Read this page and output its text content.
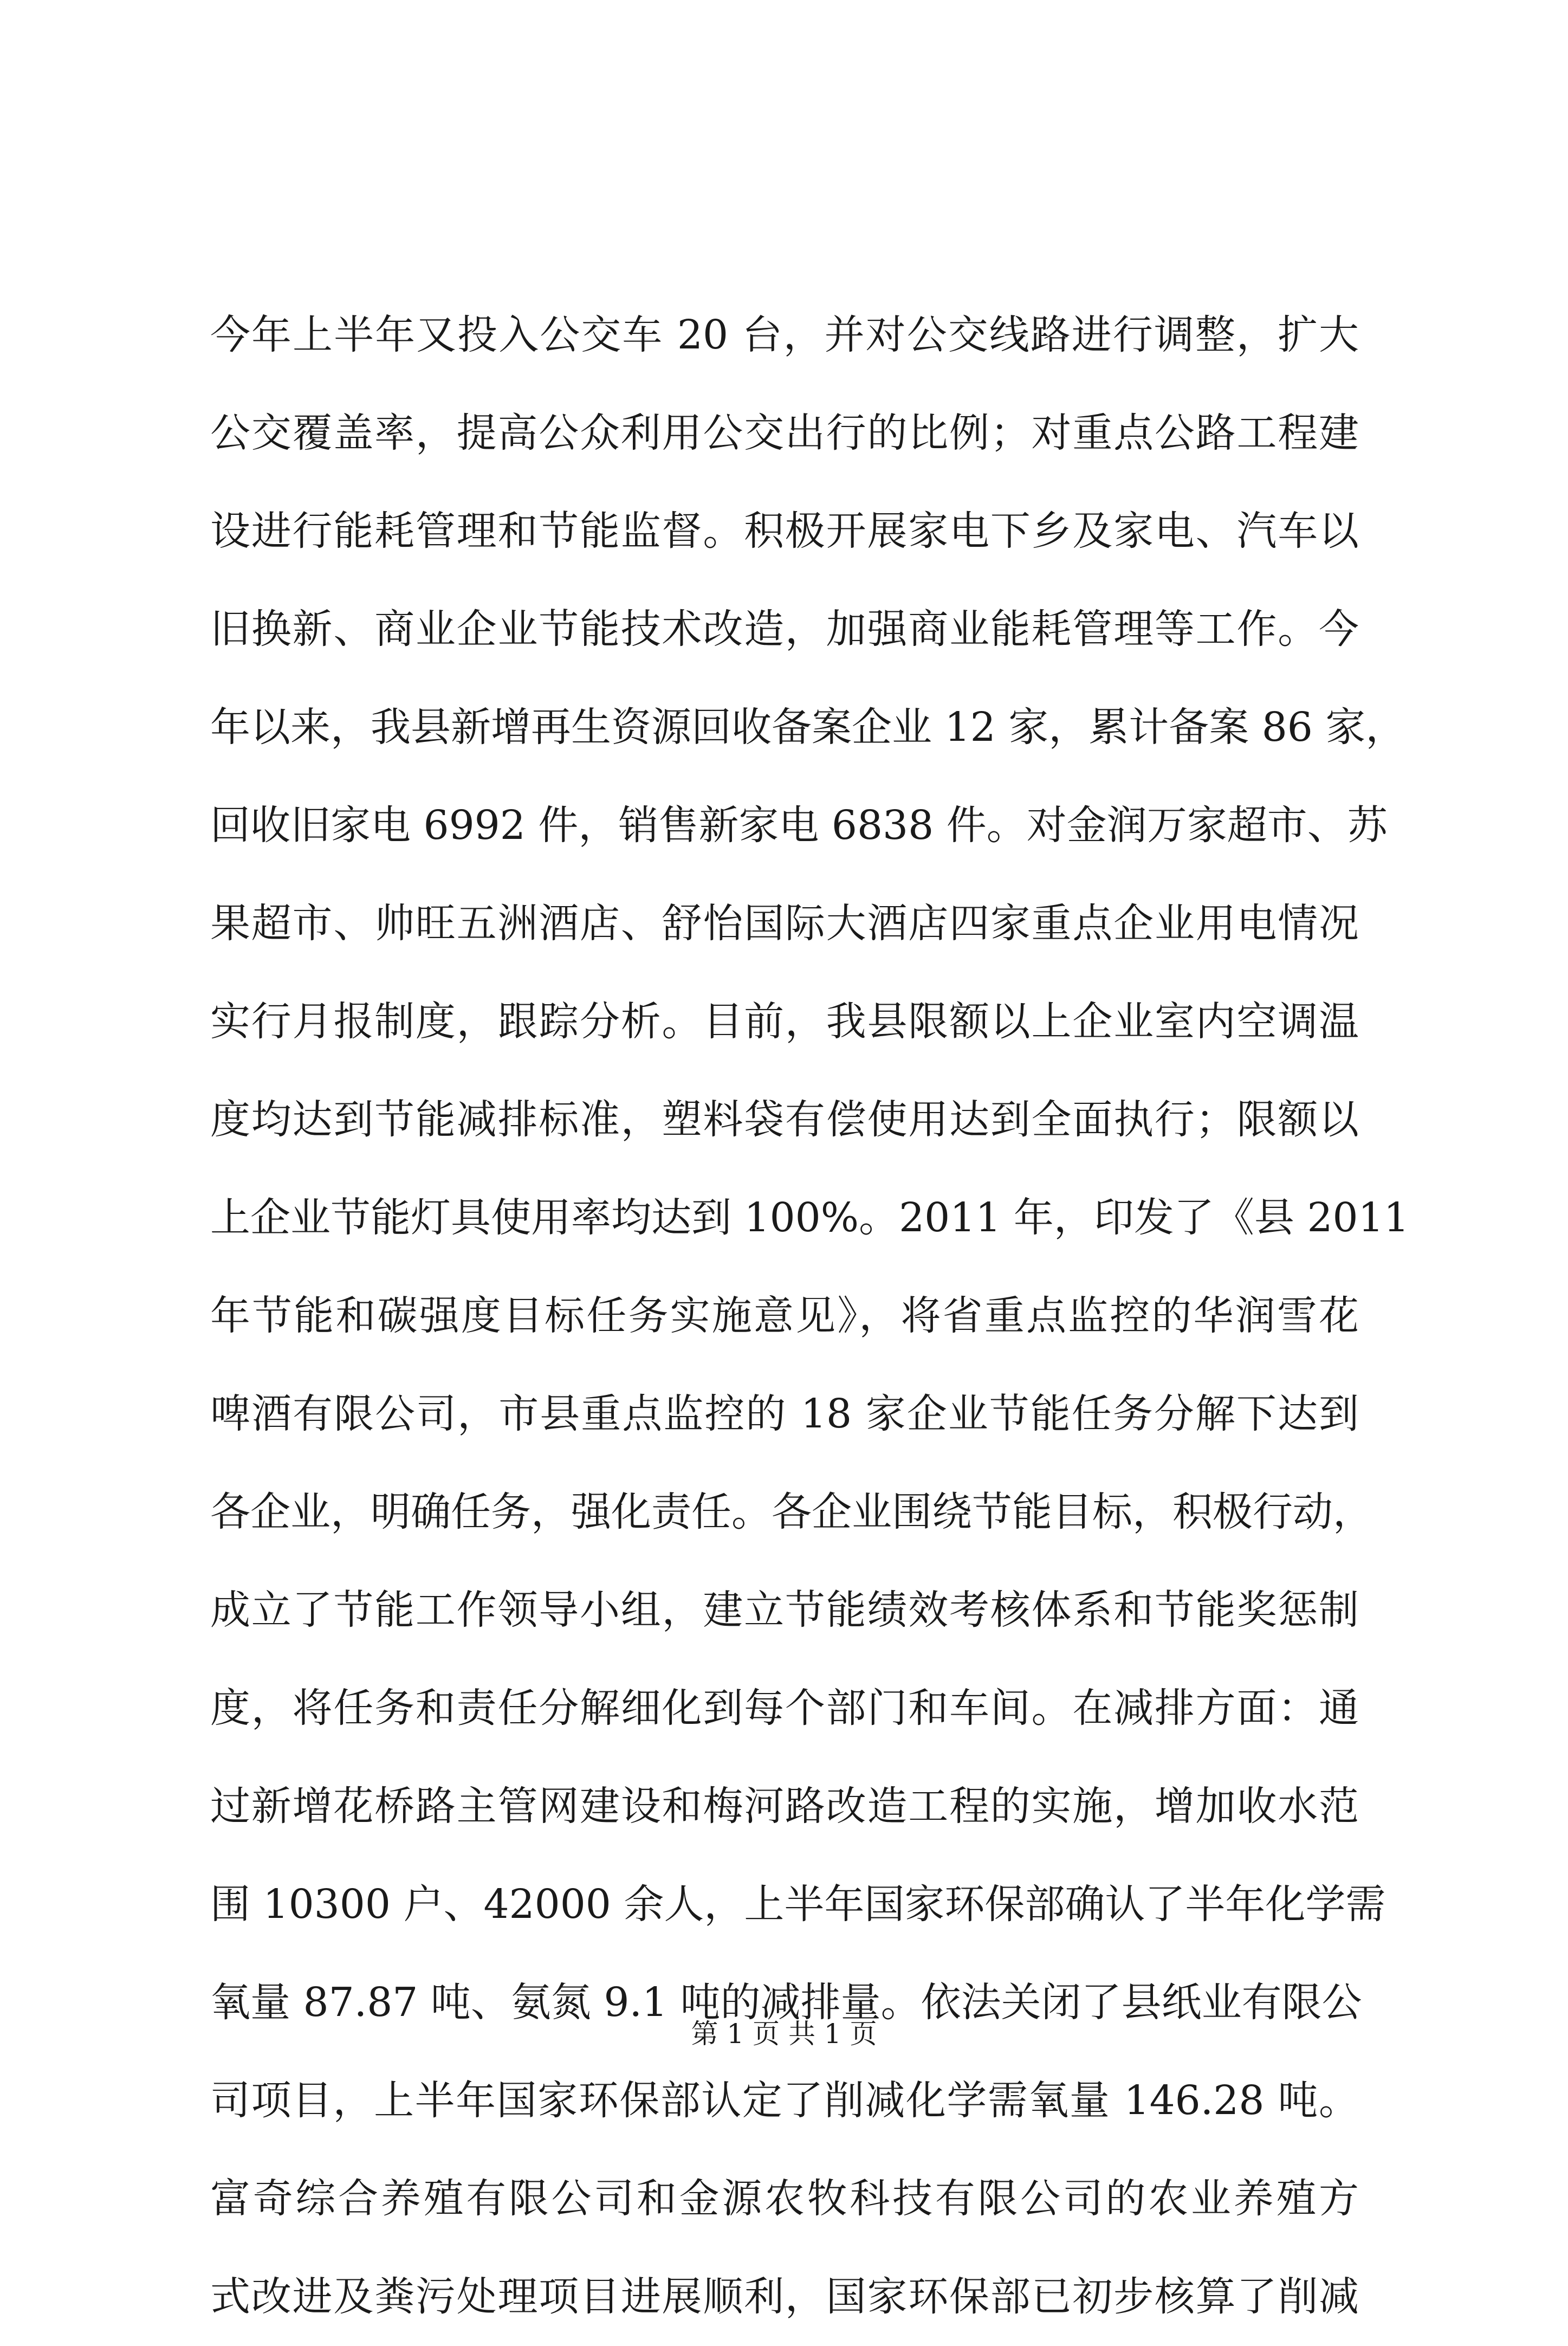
今年上半年又投入公交车 20 台，并对公交线路进行调整，扩大
公交覆盖率，提高公众利用公交出行的比例；对重点公路工程建
设进行能耗管理和节能监督。积极开展家电下乡及家电、汽车以
旧换新、商业企业节能技术改造，加强商业能耗管理等工作。今
年以来，我县新增再生资源回收备案企业 12 家，累计备案 86 家，
回收旧家电 6992 件，销售新家电 6838 件。对金润万家超市、苏
果超市、帅旺五洲酒店、舒怡国际大酒店四家重点企业用电情况
实行月报制度，跟踪分析。目前，我县限额以上企业室内空调温
度均达到节能减排标准，塑料袋有偿使用达到全面执行；限额以
上企业节能灯具使用率均达到 100%。2011 年，印发了《县 2011
年节能和碳强度目标任务实施意见》，将省重点监控的华润雪花
啤酒有限公司，市县重点监控的 18 家企业节能任务分解下达到
各企业，明确任务，强化责任。各企业围绕节能目标，积极行动，
成立了节能工作领导小组，建立节能绩效考核体系和节能奖惩制
度，将任务和责任分解细化到每个部门和车间。在减排方面：通
过新增花桥路主管网建设和梅河路改造工程的实施，增加收水范
围 10300 户、42000 余人，上半年国家环保部确认了半年化学需
氧量 87.87 吨、氨氮 9.1 吨的减排量。依法关闭了县纸业有限公
司项目，上半年国家环保部认定了削减化学需氧量 146.28 吨。
富奇综合养殖有限公司和金源农牧科技有限公司的农业养殖方
式改进及粪污处理项目进展顺利，国家环保部已初步核算了削减
第 1 页 共 1 页
